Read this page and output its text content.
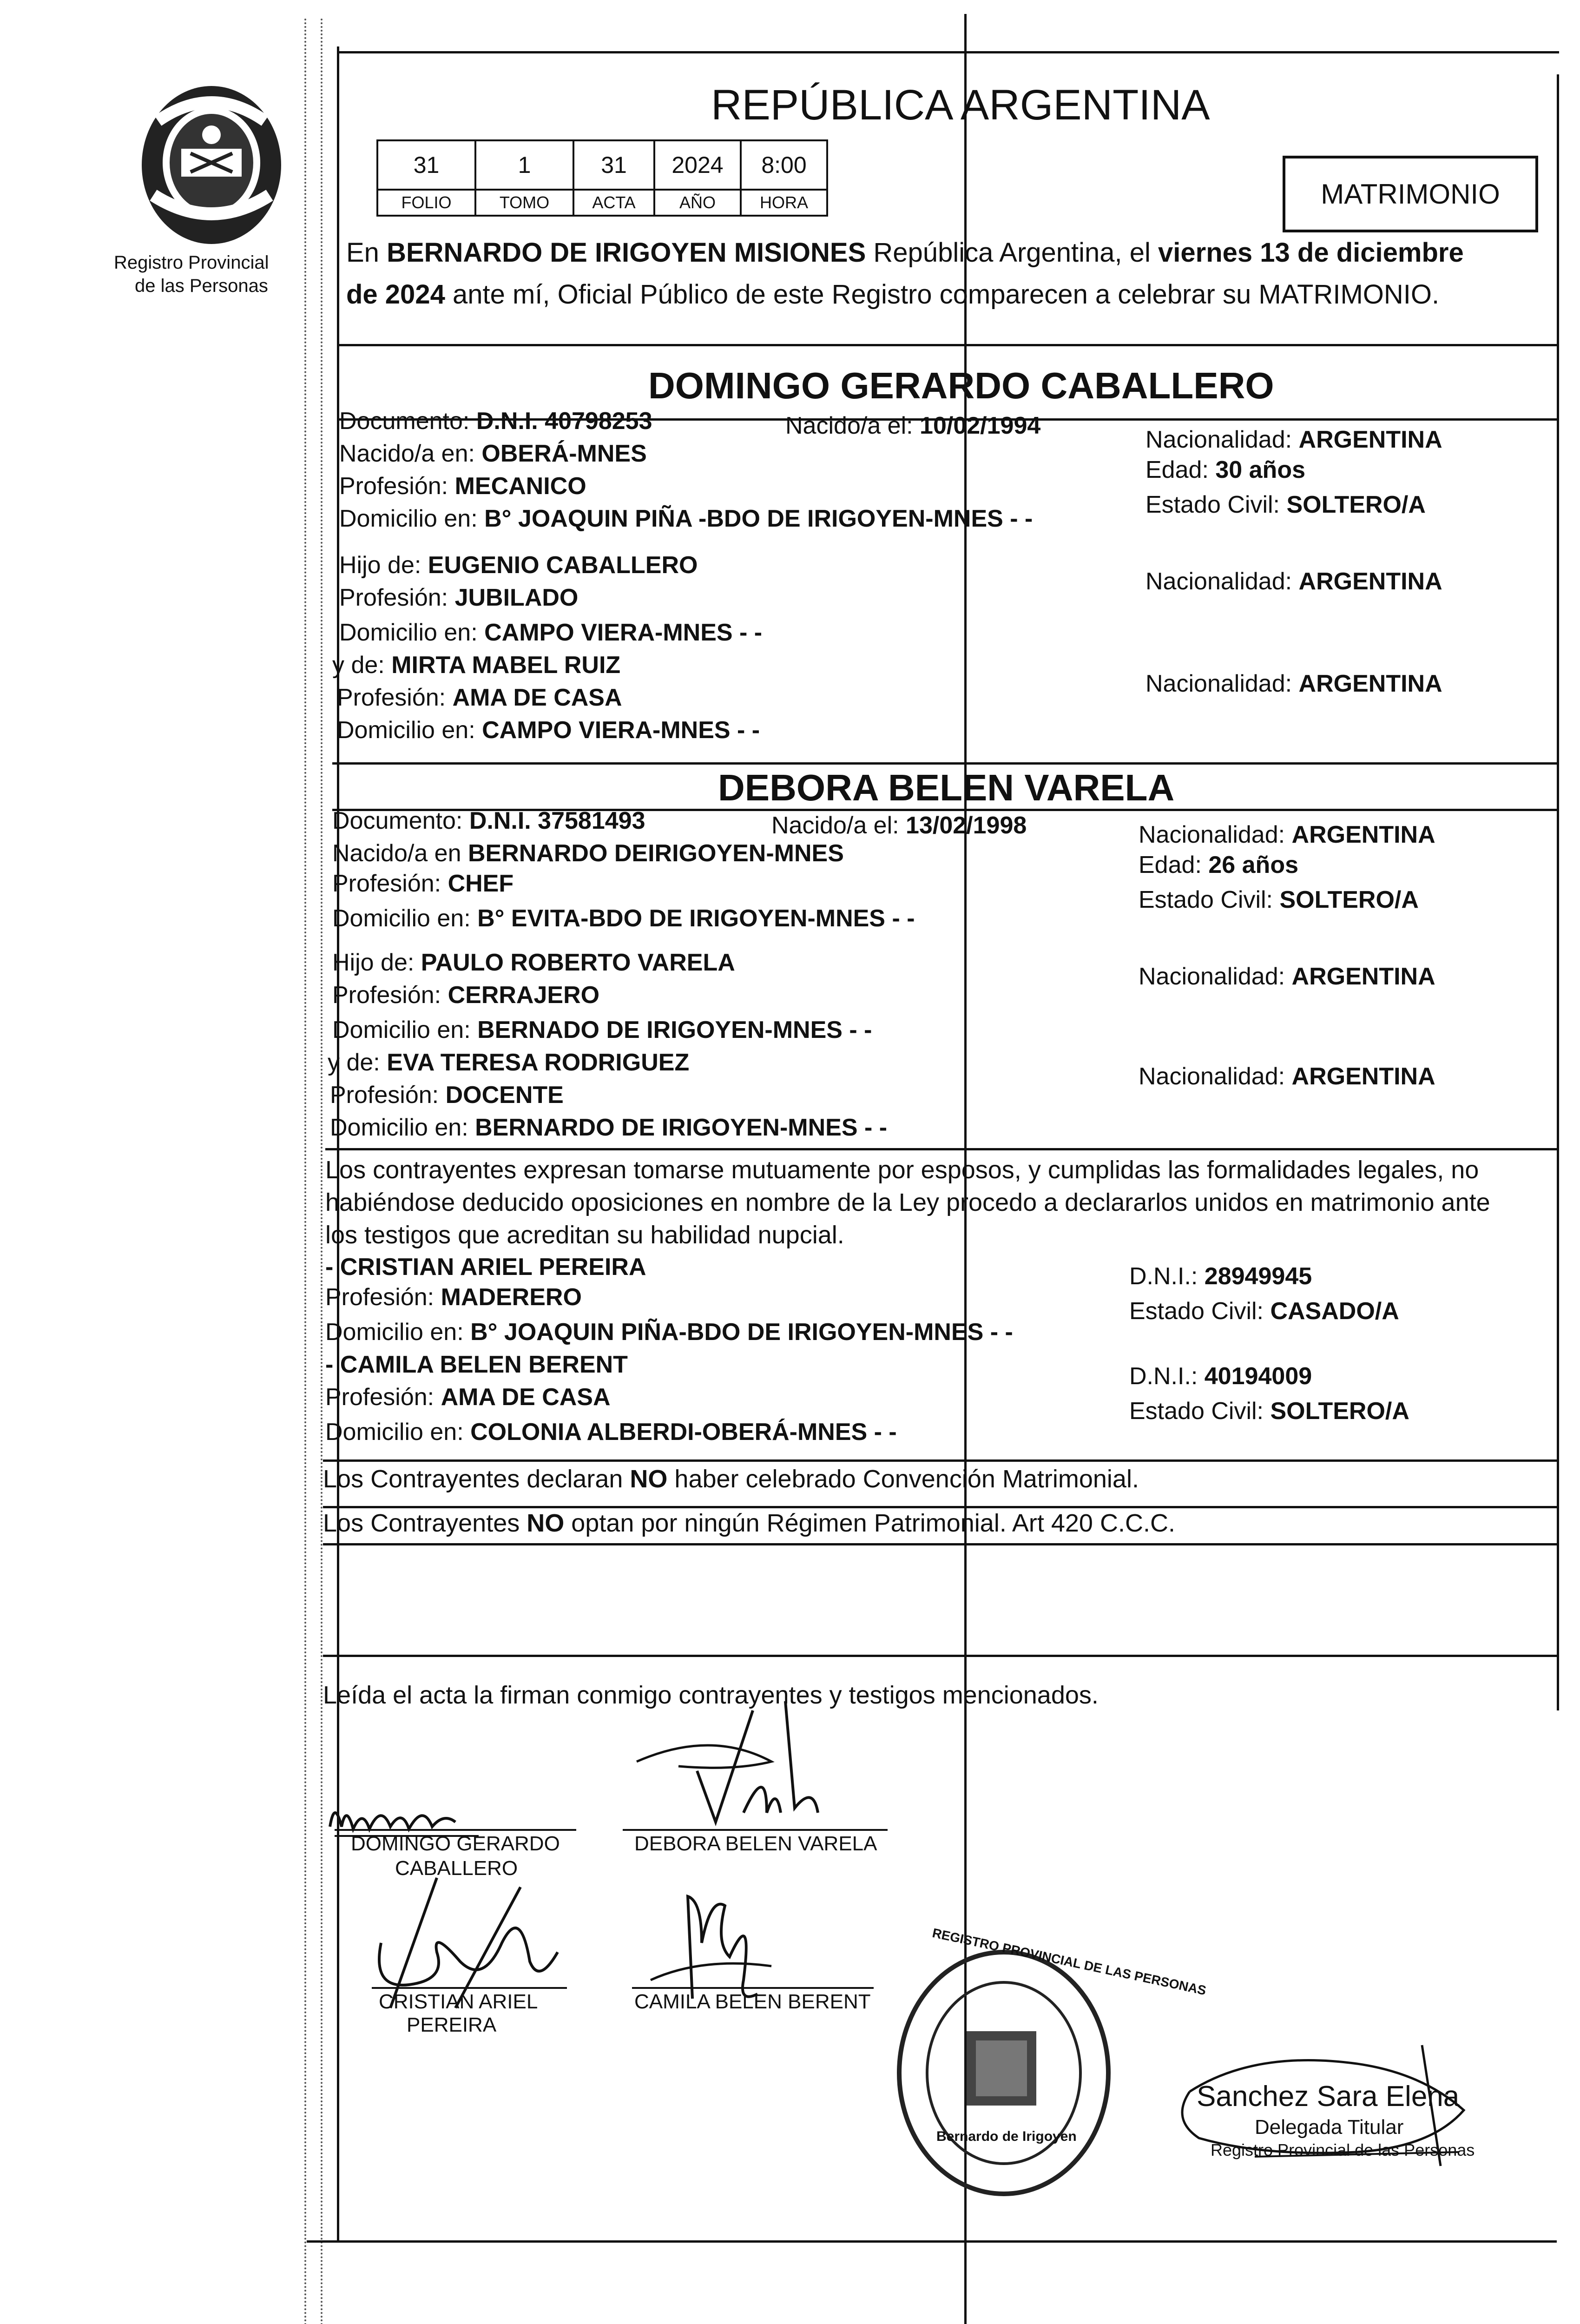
Registro Provincial
de las Personas
REPÚBLICA ARGENTINA
31	1	31	2024	8:00
FOLIO	TOMO	ACTA	AÑO	HORA	MATRIMONIO
En BERNARDO DE IRIGOYEN MISIONES República Argentina, el viernes 13 de diciembre
de 2024 ante mí, Oficial Público de este Registro comparecen a celebrar su MATRIMONIO.
DOMINGO GERARDO CABALLERO
Documento: D.N.I. 40798253	Nacido/a el: 10/02/1994
Nacionalidad: ARGENTINA
Nacido/a en: OBERÁ-MNES
Edad: 30 años
Profesión: MECANICO
Estado Civil: SOLTERO/A
Domicilio en: B° JOAQUIN PIÑA -BDO DE IRIGOYEN-MNES - -
Hijo de: EUGENIO CABALLERO
Nacionalidad: ARGENTINA
Profesión: JUBILADO
Domicilio en: CAMPO VIERA-MNES - -
y de: MIRTA MABEL RUIZ
Nacionalidad: ARGENTINA
Profesión: AMA DE CASA
Domicilio en: CAMPO VIERA-MNES - -
DEBORA BELEN VARELA
Documento: D.N.I. 37581493	Nacido/a el: 13/02/1998	Nacionalidad: ARGENTINA
Nacido/a en BERNARDO DEIRIGOYEN-MNES	Edad: 26 años
Profesión: CHEF
Estado Civil: SOLTERO/A
Domicilio en: B° EVITA-BDO DE IRIGOYEN-MNES - -
Hijo de: PAULO ROBERTO VARELA
Nacionalidad: ARGENTINA
Profesión: CERRAJERO
Domicilio en: BERNADO DE IRIGOYEN-MNES - -
y de: EVA TERESA RODRIGUEZ
Nacionalidad: ARGENTINA
Profesión: DOCENTE
Domicilio en: BERNARDO DE IRIGOYEN-MNES - -
Los contrayentes expresan tomarse mutuamente por esposos, y cumplidas las formalidades legales, no
habiéndose deducido oposiciones en nombre de la Ley procedo a declararlos unidos en matrimonio ante
los testigos que acreditan su habilidad nupcial.
- CRISTIAN ARIEL PEREIRA	D.N.I.: 28949945
Profesión: MADERERO
Estado Civil: CASADO/A
Domicilio en: B° JOAQUIN PIÑA-BDO DE IRIGOYEN-MNES - -
- CAMILA BELEN BERENT	D.N.I.: 40194009
Profesión: AMA DE CASA
Estado Civil: SOLTERO/A
Domicilio en: COLONIA ALBERDI-OBERÁ-MNES - -
Los Contrayentes declaran NO haber celebrado Convención Matrimonial.
Los Contrayentes NO optan por ningún Régimen Patrimonial. Art 420 C.C.C.
Leída el acta la firman conmigo contrayentes y testigos mencionados.
DOMINGO GERARDO
CABALLERO
DEBORA BELEN VARELA
CRISTIAN ARIEL
PEREIRA
CAMILA BELEN BERENT
REGISTRO PROVINCIAL DE LAS PERSONAS
Bernardo de Irigoyen
Sanchez Sara Elena
Delegada Titular
Registro Provincial de las Personas
